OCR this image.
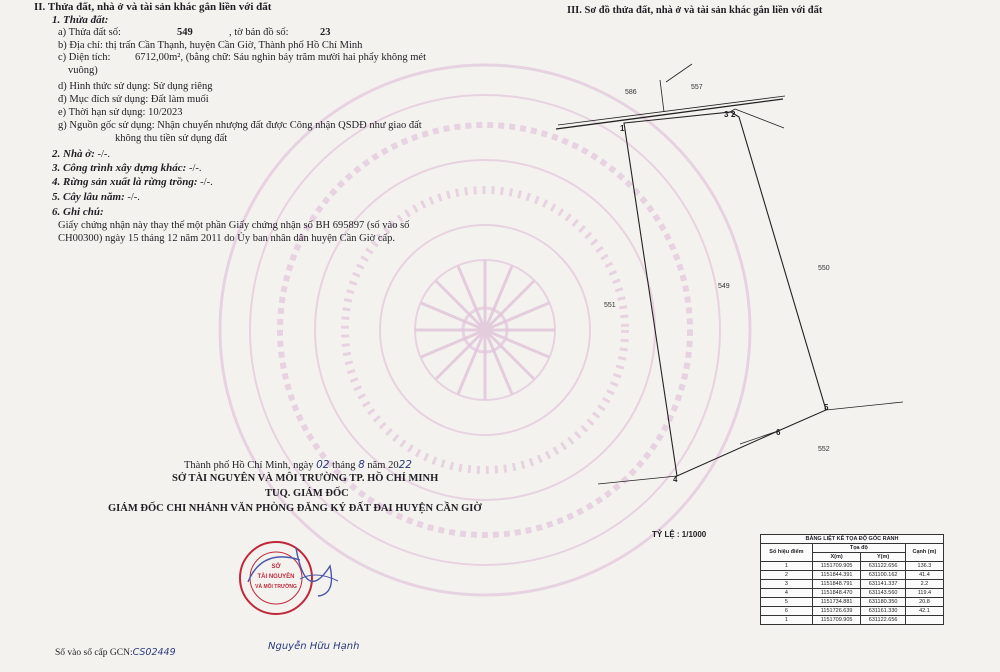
II. Thửa đất, nhà ở và tài sản khác gắn liền với đất
1. Thửa đất:
a) Thửa đất số:	549	, tờ bản đồ số:	23
b) Địa chỉ: thị trấn Cần Thạnh, huyện Cần Giờ, Thành phố Hồ Chí Minh
c) Diện tích: 6712,00m², (bằng chữ: Sáu nghìn bảy trăm mười hai phẩy không mét
vuông)
d) Hình thức sử dụng: Sử dụng riêng
đ) Mục đích sử dụng: Đất làm muối
e) Thời hạn sử dụng: 10/2023
g) Nguồn gốc sử dụng: Nhận chuyển nhượng đất được Công nhận QSDĐ như giao đất
không thu tiền sử dụng đất
2. Nhà ở: -/-.
3. Công trình xây dựng khác: -/-.
4. Rừng sản xuất là rừng trồng: -/-.
5. Cây lâu năm: -/-.
6. Ghi chú:
Giấy chứng nhận này thay thế một phần Giấy chứng nhận số BH 695897 (số vào số
CH00300) ngày 15 tháng 12 năm 2011 do Ủy ban nhân dân huyện Cần Giờ cấp.
Thành phố Hồ Chí Minh, ngày 02 tháng 8 năm 2022
SỞ TÀI NGUYÊN VÀ MÔI TRƯỜNG TP. HỒ CHÍ MINH
TUQ. GIÁM ĐỐC
GIÁM ĐỐC CHI NHÁNH VĂN PHÒNG ĐĂNG KÝ ĐẤT ĐAI HUYỆN CẦN GIỜ
Nguyễn Hữu Hạnh
SỞ
TÀI NGUYÊN
VÀ MÔI TRƯỜNG
Số vào sổ cấp GCN:CS02449
III. Sơ đồ thửa đất, nhà ở và tài sản khác gắn liền với đất
586
557
549
551
550
552
1
3 2
5
6
4
TỶ LỆ : 1/1000	BẢNG LIỆT KÊ TỌA ĐỘ GÓC RANH			
Số hiệu điểm	Tọa độ		Cạnh (m)
	X(m)	Y(m)	
1	1151709.905	631122.656	136.3
2	1151844.391	631100.162	41.4
3	1151848.791	631141.337	2.2
4	1151848.470	631143.560	119.4
5	1151734.881	631180.350	20.8
6	1151726.639	631161.330	42.1
1	1151709.905	631122.656	
